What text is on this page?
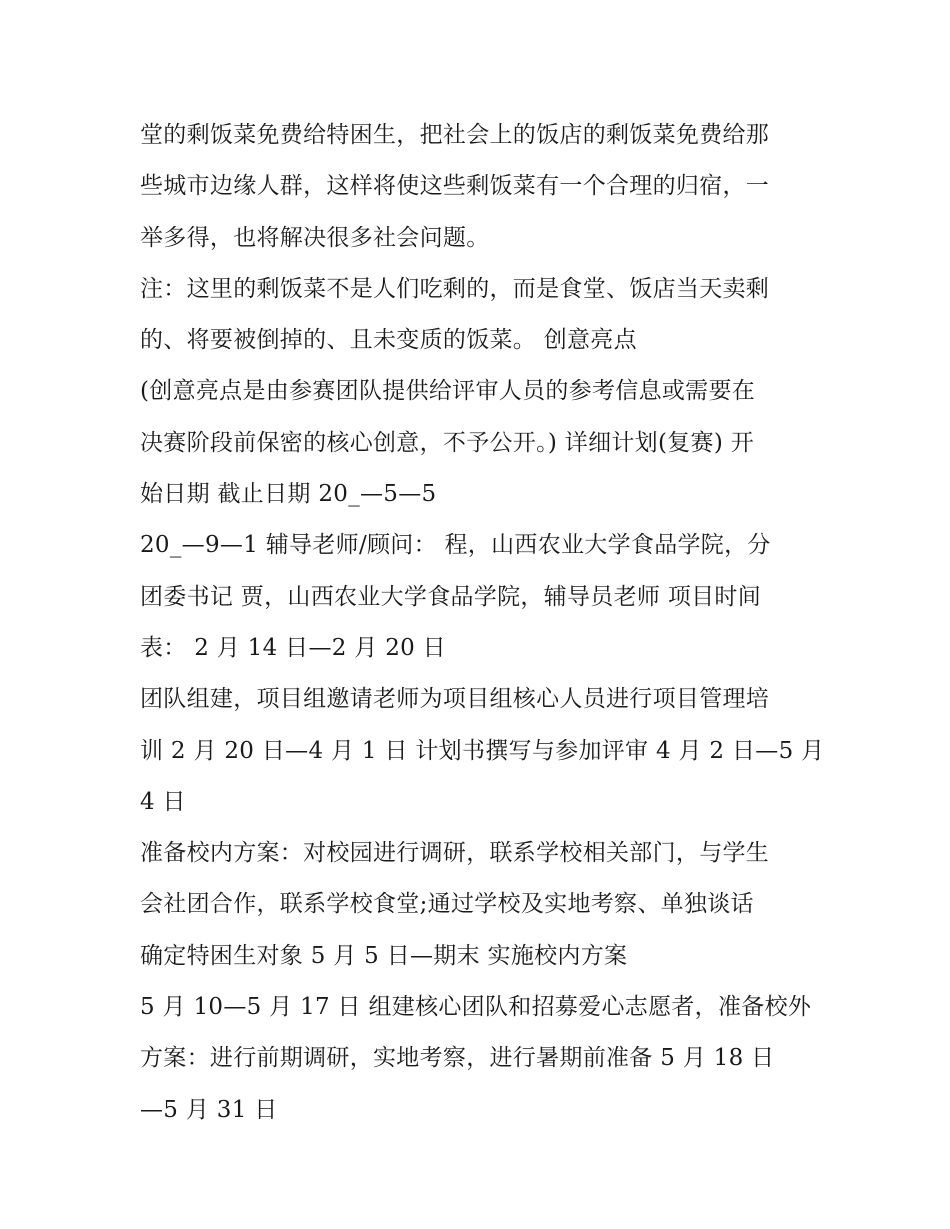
堂的剩饭菜免费给特困生，把社会上的饭店的剩饭菜免费给那
些城市边缘人群，这样将使这些剩饭菜有一个合理的归宿，一
举多得，也将解决很多社会问题。
注：这里的剩饭菜不是人们吃剩的，而是食堂、饭店当天卖剩
的、将要被倒掉的、且未变质的饭菜。 创意亮点
(创意亮点是由参赛团队提供给评审人员的参考信息或需要在
决赛阶段前保密的核心创意，不予公开。) 详细计划(复赛) 开
始日期 截止日期 20_—5—5
20_—9—1 辅导老师/顾问： 程，山西农业大学食品学院，分
团委书记 贾，山西农业大学食品学院，辅导员老师 项目时间
表： 2 月 14 日—2 月 20 日
团队组建，项目组邀请老师为项目组核心人员进行项目管理培
训 2 月 20 日—4 月 1 日 计划书撰写与参加评审 4 月 2 日—5 月
4 日
准备校内方案：对校园进行调研，联系学校相关部门，与学生
会社团合作，联系学校食堂;通过学校及实地考察、单独谈话
确定特困生对象 5 月 5 日—期末 实施校内方案
5 月 10—5 月 17 日 组建核心团队和招募爱心志愿者，准备校外
方案：进行前期调研，实地考察，进行暑期前准备 5 月 18 日
—5 月 31 日
